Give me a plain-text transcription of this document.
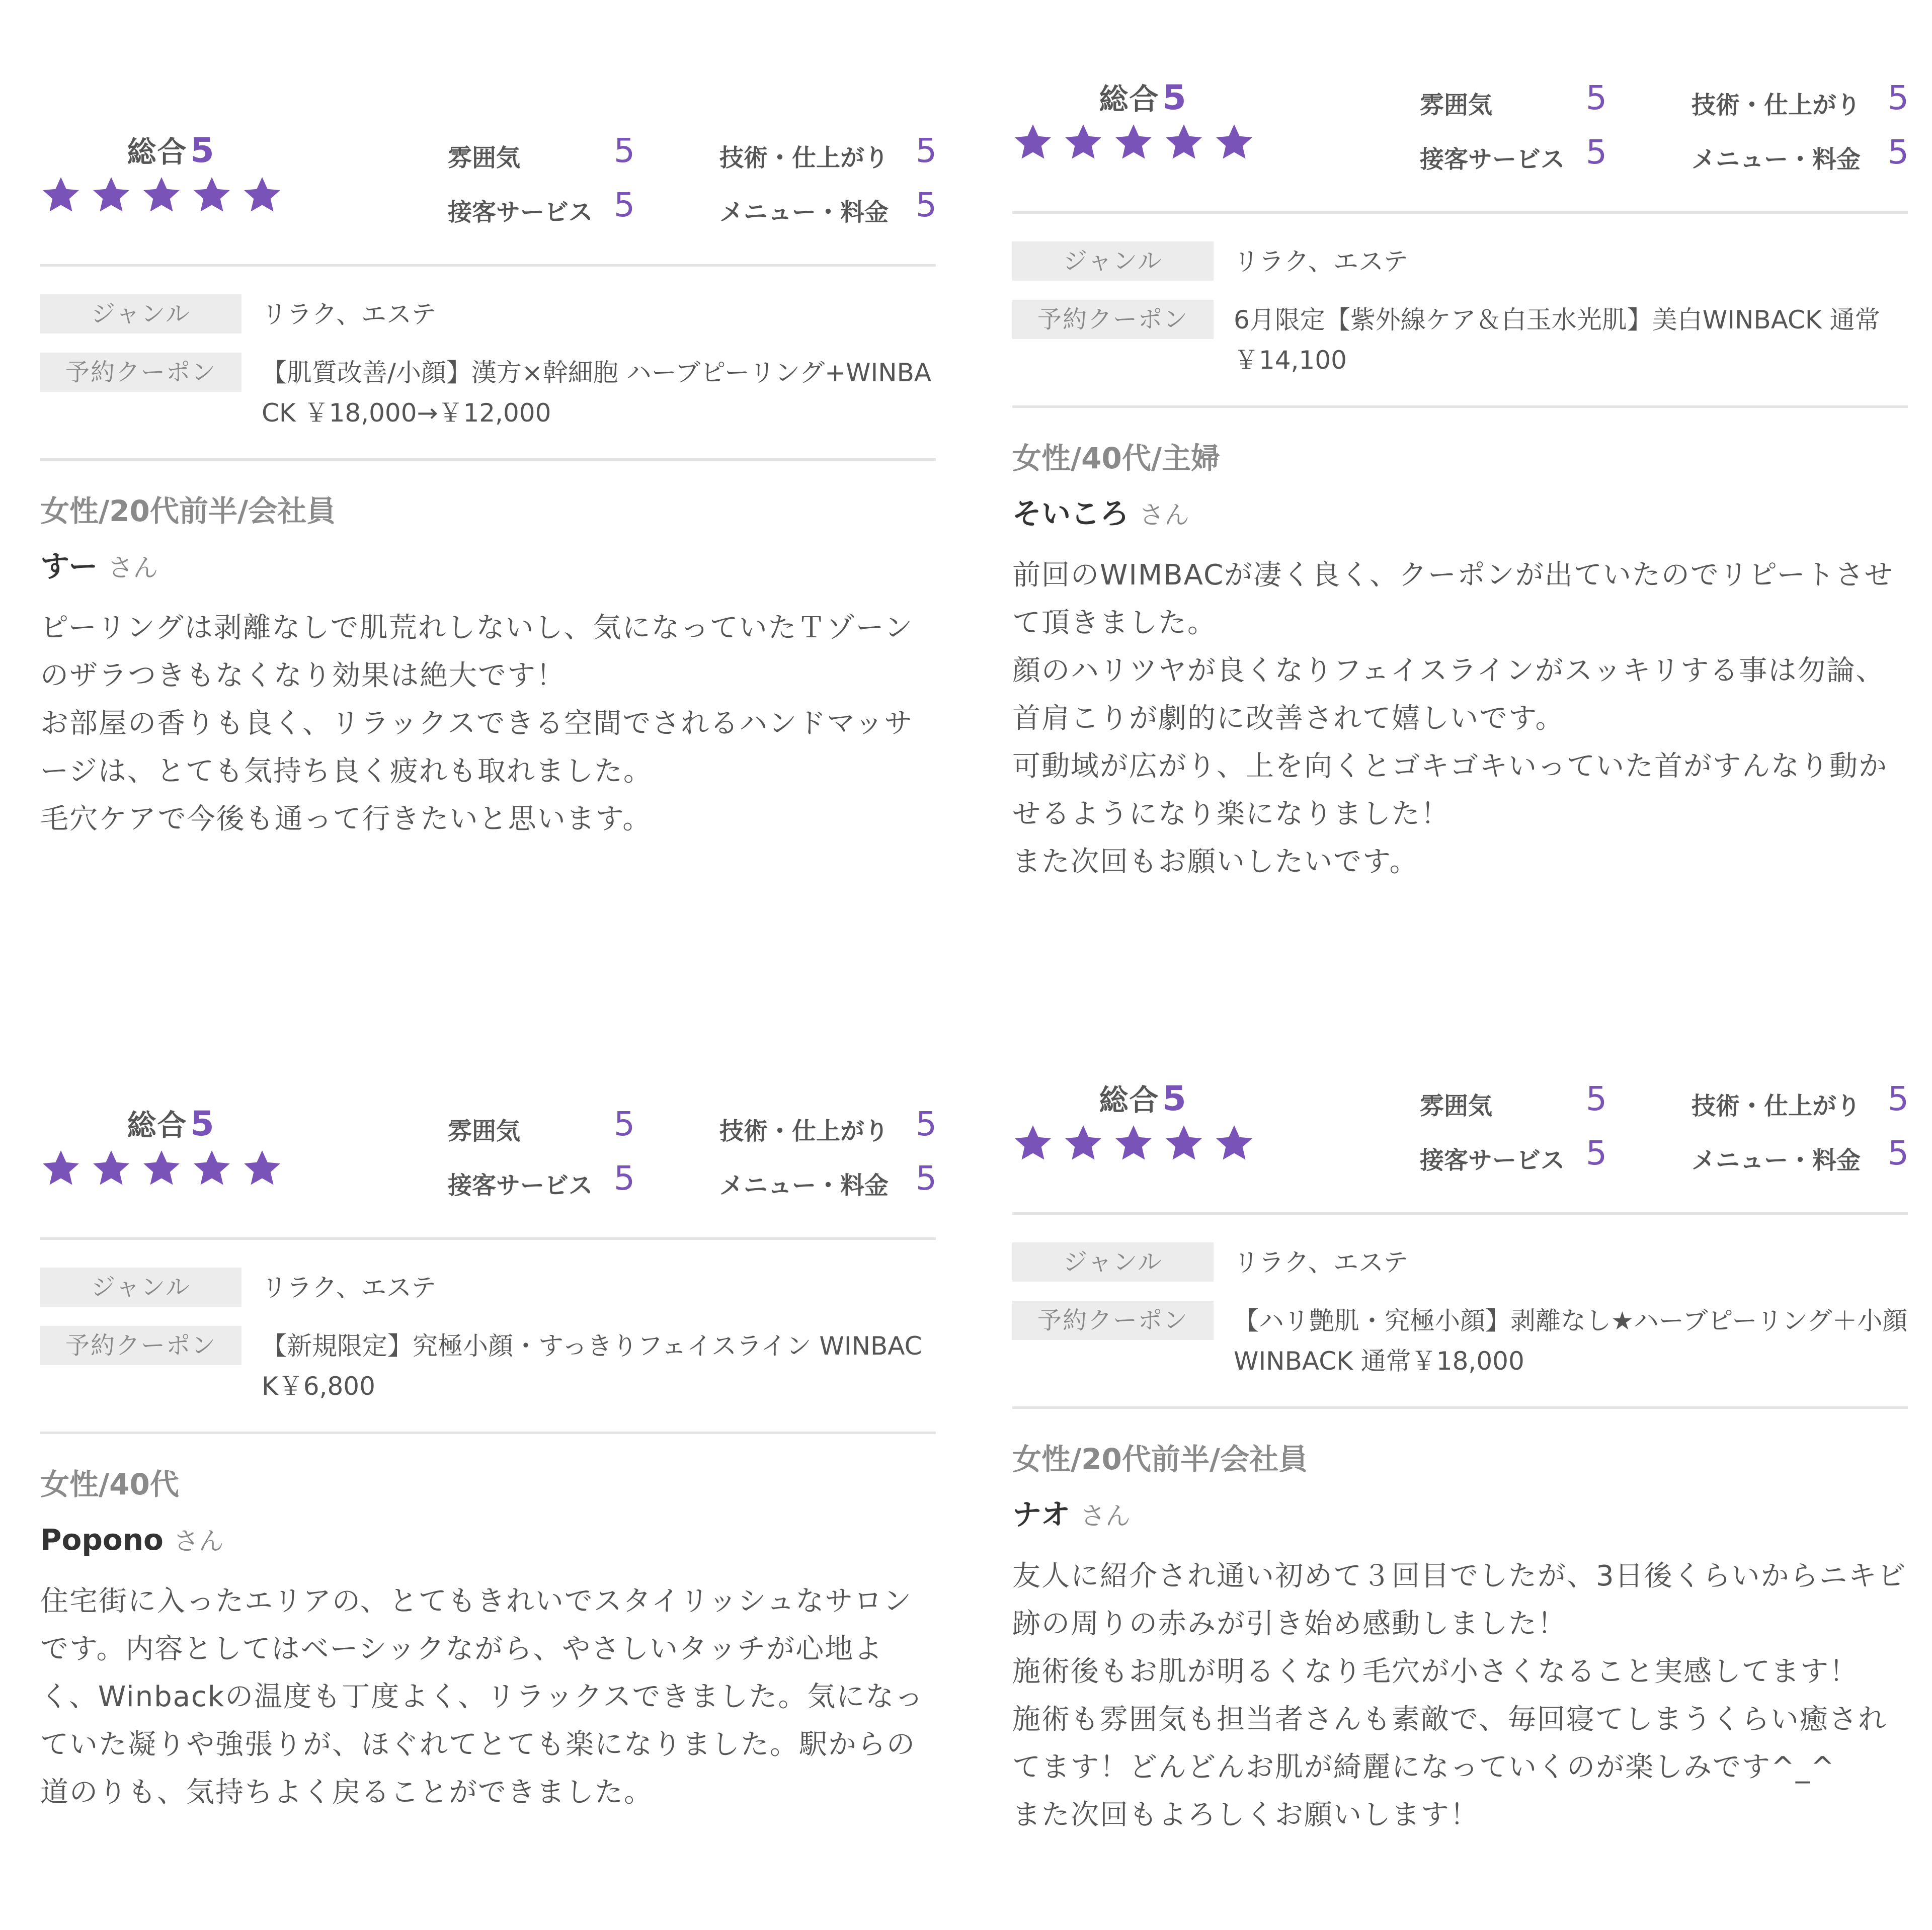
総合5	雰囲気	5	技術・仕上がり 5
接客サービス 5	メニュー・料金 5
ジャンル	リラク、エステ
予約クーポン	【肌質改善/小顔】漢方×幹細胞 ハーブピーリング+WINBACK ￥18,000→￥12,000
女性/20代前半/会社員
すー さん
ピーリングは剥離なしで肌荒れしないし、気になっていたＴゾーンのザラつきもなくなり効果は絶大です！
お部屋の香りも良く、リラックスできる空間でされるハンドマッサージは、とても気持ち良く疲れも取れました。
毛穴ケアで今後も通って行きたいと思います。
総合5	雰囲気	5	技術・仕上がり 5
接客サービス 5	メニュー・料金 5
ジャンル	リラク、エステ
予約クーポン	6月限定【紫外線ケア＆白玉水光肌】美白WINBACK 通常￥14,100
女性/40代/主婦
そいころ さん
前回のWIMBACが凄く良く、クーポンが出ていたのでリピートさせて頂きました。
顔のハリツヤが良くなりフェイスラインがスッキリする事は勿論、首肩こりが劇的に改善されて嬉しいです。
可動域が広がり、上を向くとゴキゴキいっていた首がすんなり動かせるようになり楽になりました！
また次回もお願いしたいです。
総合5	雰囲気	5	技術・仕上がり 5
接客サービス 5	メニュー・料金 5
ジャンル	リラク、エステ
予約クーポン	【新規限定】究極小顔・すっきりフェイスライン WINBACK￥6,800
女性/40代
Popono さん
住宅街に入ったエリアの、とてもきれいでスタイリッシュなサロンです。内容としてはベーシックながら、やさしいタッチが心地よく、Winbackの温度も丁度よく、リラックスできました。気になっていた凝りや強張りが、ほぐれてとても楽になりました。駅からの道のりも、気持ちよく戻ることができました。
総合5	雰囲気	5	技術・仕上がり 5
接客サービス 5	メニュー・料金 5
ジャンル	リラク、エステ
予約クーポン	【ハリ艶肌・究極小顔】剥離なし★ハーブピーリング＋小顔WINBACK 通常￥18,000
女性/20代前半/会社員
ナオ さん
友人に紹介され通い初めて３回目でしたが、3日後くらいからニキビ跡の周りの赤みが引き始め感動しました！
施術後もお肌が明るくなり毛穴が小さくなること実感してます！
施術も雰囲気も担当者さんも素敵で、毎回寝てしまうくらい癒されてます！どんどんお肌が綺麗になっていくのが楽しみです^_^
また次回もよろしくお願いします！
